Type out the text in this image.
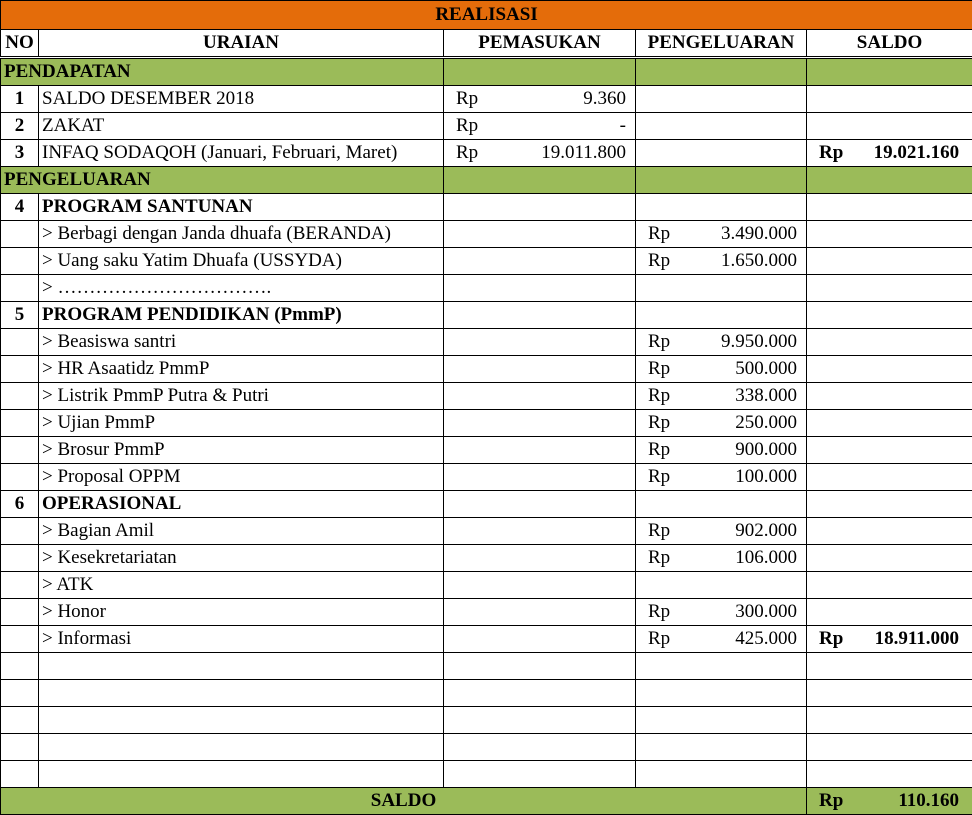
REALISASI				
NO	URAIAN	PEMASUKAN	PENGELUARAN	SALDO
PENDAPATAN				
1	SALDO DESEMBER 2018	Rp 9.360		

2	ZAKAT	Rp -		

3	INFAQ SODAQOH (Januari, Februari, Maret)	Rp 19.011.800		Rp 19.021.160

PENGELUARAN				
4	PROGRAM SANTUNAN			
	> Berbagi dengan Janda dhuafa (BERANDA)		Rp 3.490.000	

	> Uang saku Yatim Dhuafa (USSYDA)		Rp 1.650.000	

	> …………………………….			
5	PROGRAM PENDIDIKAN (PmmP)			
	> Beasiswa santri		Rp 9.950.000	

	> HR Asaatidz PmmP		Rp 500.000	

	> Listrik PmmP Putra & Putri		Rp 338.000	

	> Ujian PmmP		Rp 250.000	

	> Brosur PmmP		Rp 900.000	

	> Proposal OPPM		Rp 100.000	

6	OPERASIONAL			
	> Bagian Amil		Rp 902.000	

	> Kesekretariatan		Rp 106.000	

	> ATK			
	> Honor		Rp 300.000	

	> Informasi		Rp 425.000	Rp 18.911.000

SALDO				Rp 110.160
